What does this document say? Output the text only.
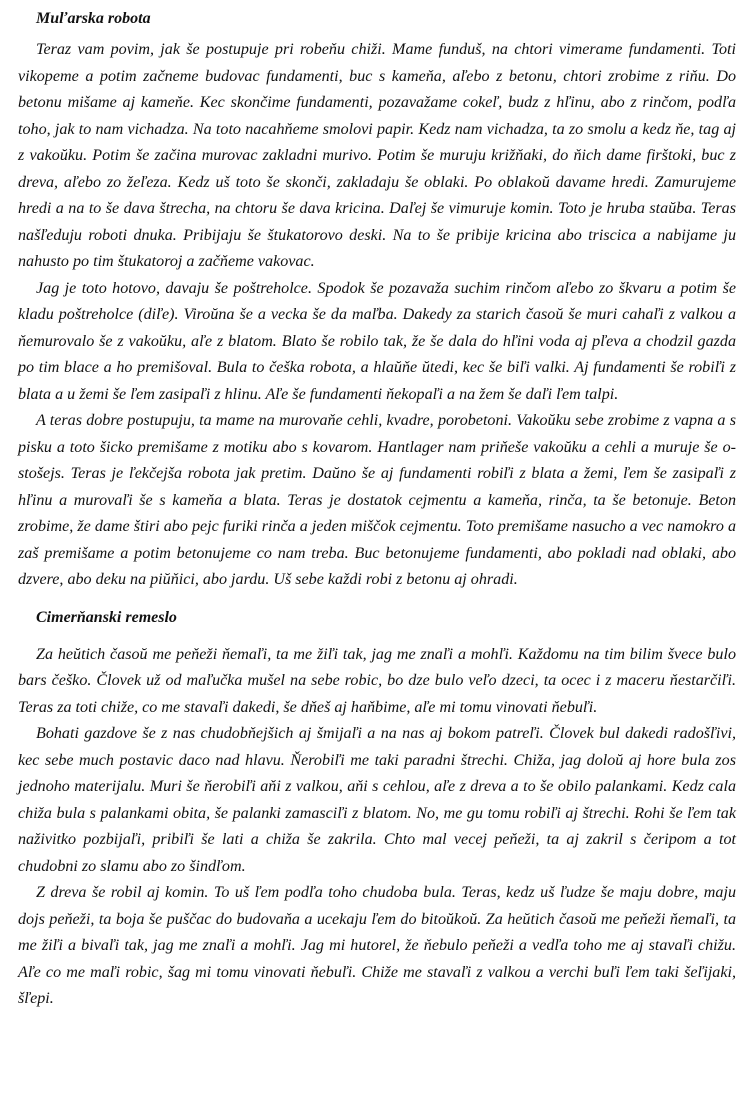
Muľarska robota

Teraz vam povim, jak še postupuje pri robeňu chiži. Mame funduš, na chtori vimerame fundamenti. Toti vikopeme a potim začneme budovac fundamenti, buc s kameňa, aľebo z betonu, chtori zrobime z riňu. Do betonu mišame aj kameňe. Kec skončime fundamenti, pozavažame cokeľ, budz z hľinu, abo z rinčom, podľa toho, jak to nam vichadza. Na toto nacahňeme smolovi papir. Kedz nam vichadza, ta zo smolu a kedz ňe, tag aj z vakoŭku. Potim še začina murovac zakladni murivo. Potim še muruju križňaki, do ňich dame firštoki, buc z dreva, aľebo zo žeľeza. Kedz uš toto še skonči, zakladaju še oblaki. Po oblakoŭ davame hredi. Zamurujeme hredi a na to še dava štrecha, na chtoru še dava kricina. Daľej še vimuruje komin. Toto je hruba staŭba. Teras našľeduju roboti dnuka. Pribijaju še štukatorovo deski. Na to še pribije kricina abo triscica a nabijame ju nahusto po tim štukatoroj a začňeme vakovac.

Jag je toto hotovo, davaju še poštreholce. Spodok še pozavaža suchim rinčom aľebo zo škvaru a potim še kladu poštreholce (diľe). Viroŭna še a vecka še da maľba. Dakedy za starich časoŭ še muri cahaľi z valkou a ňemurovalo še z vakoŭku, aľe z blatom. Blato še robilo tak, že še dala do hľini voda aj pľeva a chodzil gazda po tim blace a ho premišoval. Bula to češka robota, a hlaŭňe ŭtedi, kec še biľi valki. Aj fundamenti še robiľi z blata a u žemi še ľem zasipaľi z hlinu. Aľe še fundamenti ňekopaľi a na žem še daľi ľem talpi.

A teras dobre postupuju, ta mame na murovaňe cehli, kvadre, porobetoni. Vakoŭku sebe zrobime z vapna a s pisku a toto šicko premišame z motiku abo s kovarom. Hantlager nam priňeše vakoŭku a cehli a muruje še o-stošejs. Teras je ľekčejša robota jak pretim. Daŭno še aj fundamenti robiľi z blata a žemi, ľem še zasipaľi z hľinu a murovaľi še s kameňa a blata. Teras je dostatok cejmentu a kameňa, rinča, ta še betonuje. Beton zrobime, že dame štiri abo pejc furiki rinča a jeden miščok cejmentu. Toto premišame nasucho a vec namokro a zaš premišame a potim betonujeme co nam treba. Buc betonujeme fundamenti, abo pokladi nad oblaki, abo dzvere, abo deku na piŭňici, abo jardu. Uš sebe každi robi z betonu aj ohradi.

Cimerňanski remeslo

Za heŭtich časoŭ me peňeži ňemaľi, ta me žiľi tak, jag me znaľi a mohľi. Každomu na tim bilim švece bulo bars češko. Človek už od maľučka mušel na sebe robic, bo dze bulo veľo dzeci, ta ocec i z maceru ňestarčiľi. Teras za toti chiže, co me stavaľi dakedi, še dňeš aj haňbime, aľe mi tomu vinovati ňebuľi.

Bohati gazdove še z nas chudobňejšich aj šmijaľi a na nas aj bokom patreľi. Človek bul dakedi radošľivi, kec sebe much postavic daco nad hlavu. Ňerobiľi me taki paradni štrechi. Chiža, jag doloŭ aj hore bula zos jednoho materijalu. Muri še ňerobiľi aňi z valkou, aňi s cehlou, aľe z dreva a to še obilo palankami. Kedz cala chiža bula s palankami obita, še palanki zamasciľi z blatom. No, me gu tomu robiľi aj štrechi. Rohi še ľem tak naživitko pozbijaľi, pribiľi še lati a chiža še zakrila. Chto mal vecej peňeži, ta aj zakril s čeripom a tot chudobni zo slamu abo zo šindľom.

Z dreva še robil aj komin. To uš ľem podľa toho chudoba bula. Teras, kedz uš ľudze še maju dobre, maju dojs peňeži, ta boja še puščac do budovaňa a ucekaju ľem do bitoŭkoŭ. Za heŭtich časoŭ me peňeži ňemaľi, ta me žiľi a bivaľi tak, jag me znaľi a mohľi. Jag mi hutorel, že ňebulo peňeži a vedľa toho me aj stavaľi chižu. Aľe co me maľi robic, šag mi tomu vinovati ňebuľi. Chiže me stavaľi z valkou a verchi buľi ľem taki šeľijaki, šľepi.
